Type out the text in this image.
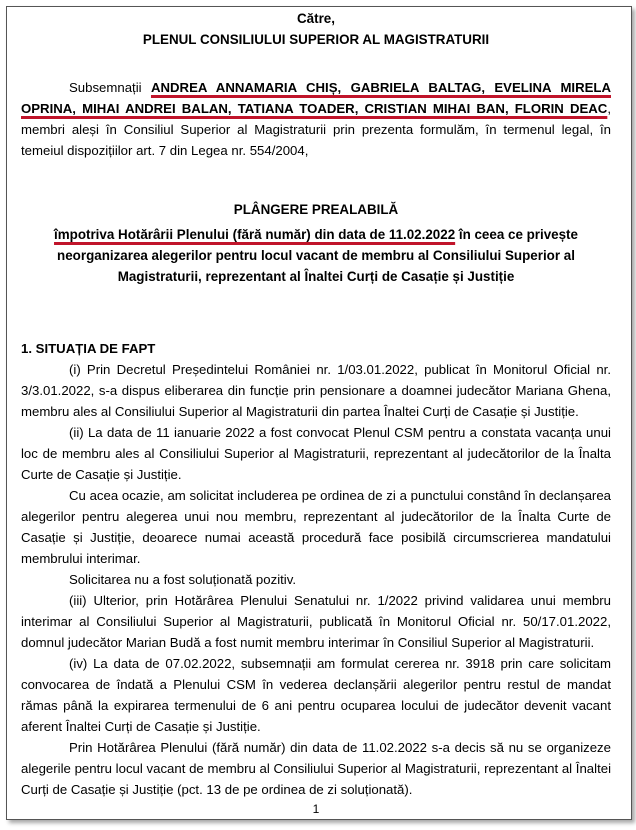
Către,
PLENUL CONSILIULUI SUPERIOR AL MAGISTRATURII
Subsemnații ANDREA ANNAMARIA CHIȘ, GABRIELA BALTAG, EVELINA MIRELA OPRINA, MIHAI ANDREI BALAN, TATIANA TOADER, CRISTIAN MIHAI BAN, FLORIN DEAC, membri aleși în Consiliul Superior al Magistraturii prin prezenta formulăm, în termenul legal, în temeiul dispozițiilor art. 7 din Legea nr. 554/2004,
PLÂNGERE PREALABILĂ
împotriva Hotărârii Plenului (fără număr) din data de 11.02.2022 în ceea ce privește neorganizarea alegerilor pentru locul vacant de membru al Consiliului Superior al Magistraturii, reprezentant al Înaltei Curți de Casație și Justiție

1. SITUAȚIA DE FAPT

(i) Prin Decretul Președintelui României nr. 1/03.01.2022, publicat în Monitorul Oficial nr. 3/3.01.2022, s-a dispus eliberarea din funcție prin pensionare a doamnei judecător Mariana Ghena, membru ales al Consiliului Superior al Magistraturii din partea Înaltei Curți de Casație și Justiție.

(ii) La data de 11 ianuarie 2022 a fost convocat Plenul CSM pentru a constata vacanța unui loc de membru ales al Consiliului Superior al Magistraturii, reprezentant al judecătorilor de la Înalta Curte de Casație și Justiție.

Cu acea ocazie, am solicitat includerea pe ordinea de zi a punctului constând în declanșarea alegerilor pentru alegerea unui nou membru, reprezentant al judecătorilor de la Înalta Curte de Casație și Justiție, deoarece numai această procedură face posibilă circumscrierea mandatului membrului interimar.

Solicitarea nu a fost soluționată pozitiv.

(iii) Ulterior, prin Hotărârea Plenului Senatului nr. 1/2022 privind validarea unui membru interimar al Consiliului Superior al Magistraturii, publicată în Monitorul Oficial nr. 50/17.01.2022, domnul judecător Marian Budă a fost numit membru interimar în Consiliul Superior al Magistraturii.

(iv) La data de 07.02.2022, subsemnații am formulat cererea nr. 3918 prin care solicitam convocarea de îndată a Plenului CSM în vederea declanșării alegerilor pentru restul de mandat rămas până la expirarea termenului de 6 ani pentru ocuparea locului de judecător devenit vacant aferent Înaltei Curți de Casație și Justiție.

Prin Hotărârea Plenului (fără număr) din data de 11.02.2022 s-a decis să nu se organizeze alegerile pentru locul vacant de membru al Consiliului Superior al Magistraturii, reprezentant al Înaltei Curți de Casație și Justiție (pct. 13 de pe ordinea de zi soluționată).

1
